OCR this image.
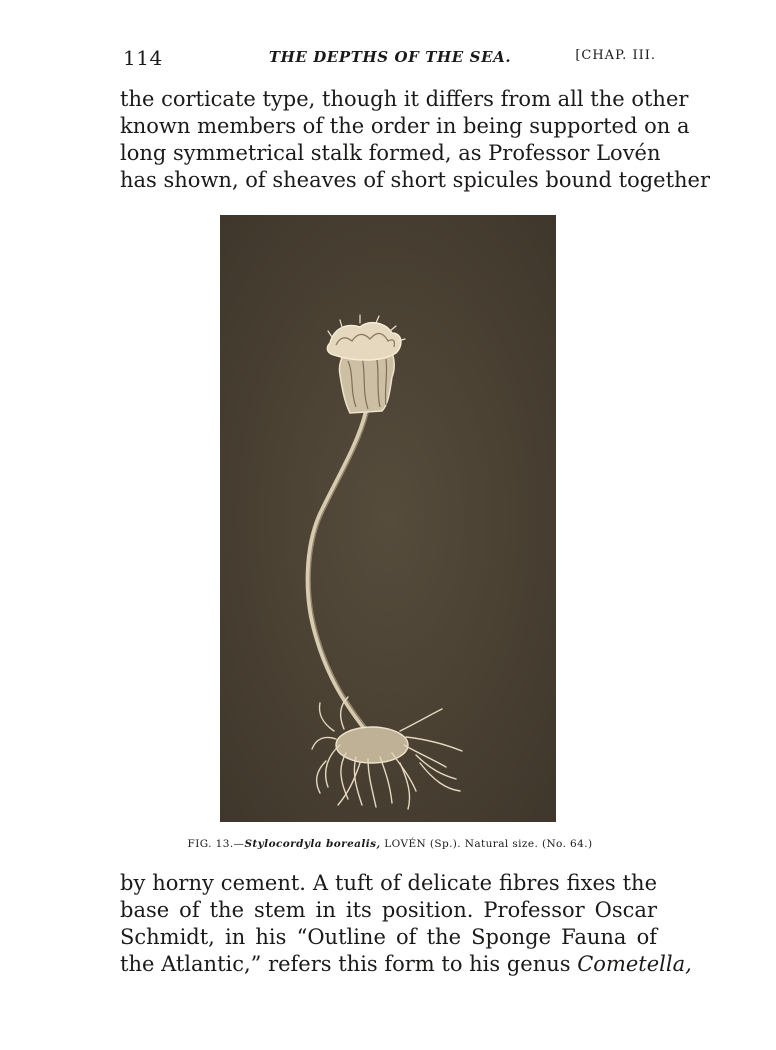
114	THE DEPTHS OF THE SEA.	[CHAP. III.

the corticate type, though it differs from all the other
known members of the order in being supported on a
long symmetrical stalk formed, as Professor Lovén
has shown, of sheaves of short spicules bound together

FIG. 13.—Stylocordyla borealis, LOVÉN (Sp.). Natural size. (No. 64.)

by horny cement. A tuft of delicate fibres fixes the
base of the stem in its position. Professor Oscar
Schmidt, in his “Outline of the Sponge Fauna of
the Atlantic,” refers this form to his genus Cometella,
